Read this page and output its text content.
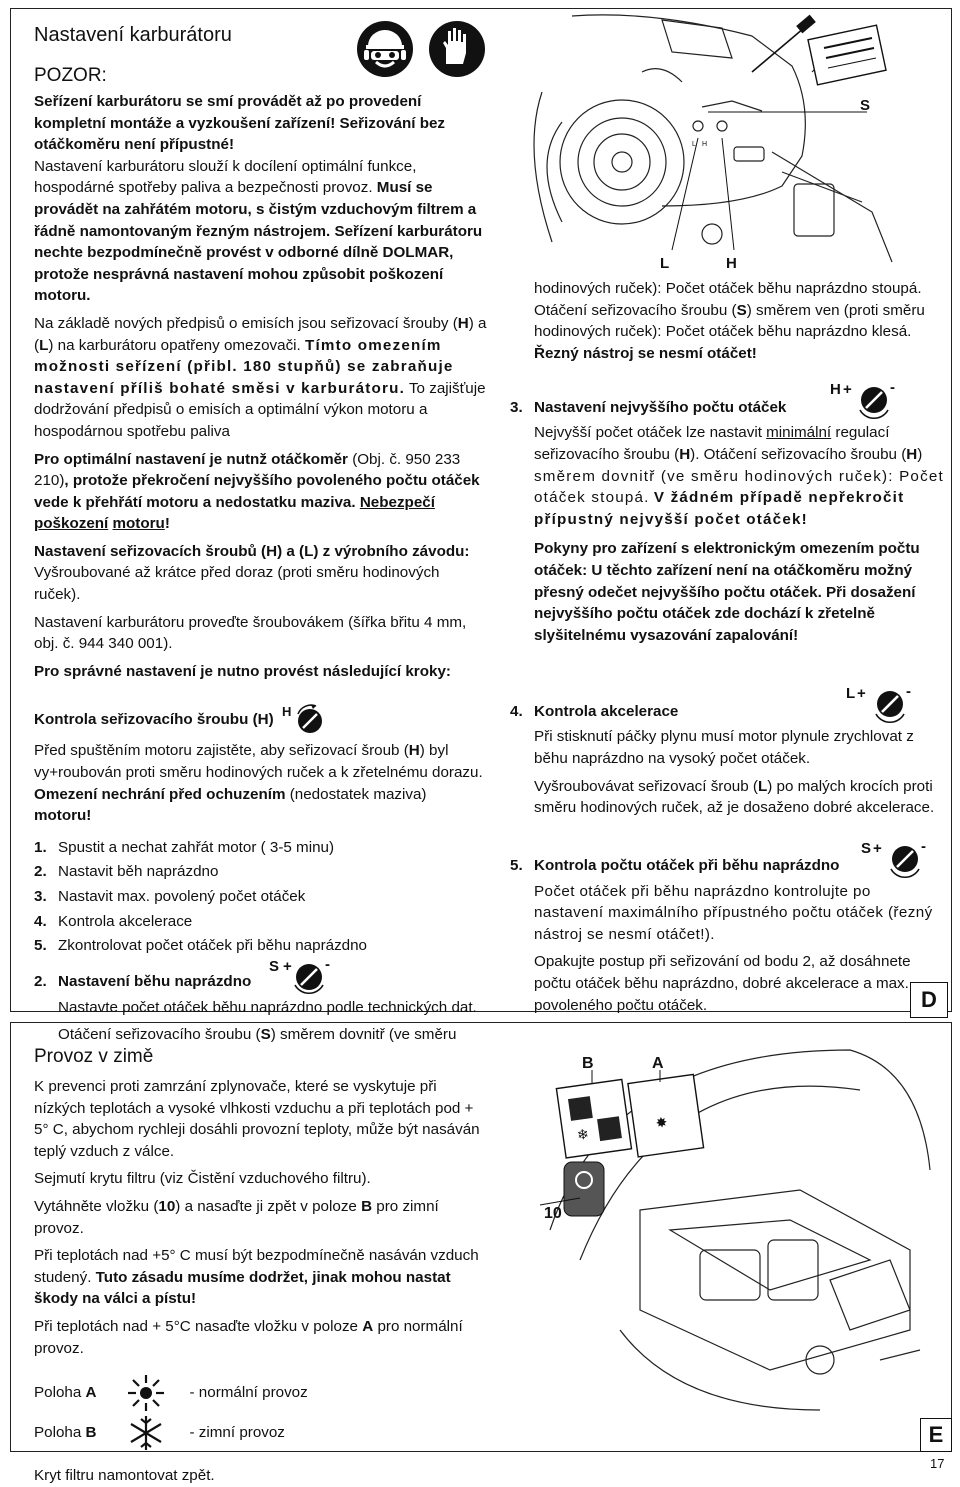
Nastavení karburátoru
POZOR:

Seřízení karburátoru se smí provádět až po provedení kompletní montáže a vyzkoušení zařízení! Seřizování bez otáčkoměru není přípustné!

Nastavení karburátoru slouží k docílení optimální funkce, hospodárné spotřeby paliva a bezpečnosti provoz. Musí se provádět na zahřátém motoru, s čistým vzduchovým filtrem a řádně namontovaným řezným nástrojem. Seřízení karburátoru nechte bezpodmínečně provést v odborné dílně DOLMAR, protože nesprávná nastavení mohou způsobit poškození motoru.

Na základě nových předpisů o emisích jsou seřizovací šrouby (H) a (L) na karburátoru opatřeny omezovači. Tímto omezením možnosti seřízení (přibl. 180 stupňů) se zabraňuje nastavení příliš bohaté směsi v karburátoru. To zajišťuje dodržování předpisů o emisích a optimální výkon motoru a hospodárnou spotřebu paliva

Pro optimální nastavení je nutnž otáčkoměr (Obj. č. 950 233 210), protože překročení nejvyššího povoleného počtu otáček vede k přehřátí motoru a nedostatku maziva. Nebezpečí poškození motoru!

Nastavení seřizovacích šroubů (H) a (L) z výrobního závodu: Vyšroubované až krátce před doraz (proti směru hodinových ruček).

Nastavení karburátoru proveďte šroubovákem (šířka břitu 4 mm, obj. č. 944 340 001).

Pro správné nastavení je nutno provést následující kroky:

Kontrola seřizovacího šroubu (H) H

Před spuštěním motoru zajistěte, aby seřizovací šroub (H) byl vy+roubován proti směru hodinových ruček a k zřetelnému dorazu. Omezení nechrání před ochuzením (nedostatek maziva) motoru!

1. Spustit a nechat zahřát motor ( 3-5 minu)
2. Nastavit běh naprázdno
3. Nastavit max. povolený počet otáček
4. Kontrola akcelerace
5. Zkontrolovat počet otáček při běhu naprázdno
2. Nastavení běhu naprázdno
S + -

Nastavte počet otáček běhu naprázdno podle technických dat.

Otáčení seřizovacího šroubu (S) směrem dovnitř (ve směru

L	H
S
L H

hodinových ruček): Počet otáček běhu naprázdno stoupá. Otáčení seřizovacího šroubu (S) směrem ven (proti směru hodinových ruček): Počet otáček běhu naprázdno klesá. Řezný nástroj se nesmí otáčet!

3. Nastavení nejvyššího počtu otáček
H +	-

Nejvyšší počet otáček lze nastavit minimální regulací seřizovacího šroubu (H). Otáčení seřizovacího šroubu (H) směrem dovnitř (ve směru hodinových ruček): Počet otáček stoupá. V žádném případě nepřekročit přípustný nejvyšší počet otáček!

Pokyny pro zařízení s elektronickým omezením počtu otáček: U těchto zařízení není na otáčkoměru možný přesný odečet nejvyššího počtu otáček. Při dosažení nejvyššího počtu otáček zde dochází k zřetelně slyšitelnému vysazování zapalování!

4. Kontrola akcelerace
L +	-

Při stisknutí páčky plynu musí motor plynule zrychlovat z běhu naprázdno na vysoký počet otáček.

Vyšroubovávat seřizovací šroub (L) po malých krocích proti směru hodinových ruček, až je dosaženo dobré akcelerace.

5. Kontrola počtu otáček při běhu naprázdno
S +	-

Počet otáček při běhu naprázdno kontrolujte po nastavení maximálního přípustného počtu otáček (řezný nástroj se nesmí otáčet!).

Opakujte postup při seřizování od bodu 2, až dosáhnete počtu otáček běhu naprázdno, dobré akcelerace a max. povoleného počtu otáček.	D
Provoz v zimě

K prevenci proti zamrzání zplynovače, které se vyskytuje při nízkých teplotách a vysoké vlhkosti vzduchu a při teplotách pod + 5° C, abychom rychleji dosáhli provozní teploty, může být nasáván teplý vzduch z válce.

Sejmutí krytu filtru (viz Čistění vzduchového filtru).

Vytáhněte vložku (10) a nasaďte ji zpět v poloze B pro zimní provoz.

Při teplotách nad +5° C musí být bezpodmínečně nasáván vzduch studený. Tuto zásadu musíme dodržet, jinak mohou nastat škody na válci a pístu!

Při teplotách nad + 5°C nasaďte vložku v poloze A pro normální provoz.

Poloha
A	- normální provoz
Poloha
B	- zimní provoz

Kryt filtru namontovat zpět.

❄
✸
B	A
10
E
17
